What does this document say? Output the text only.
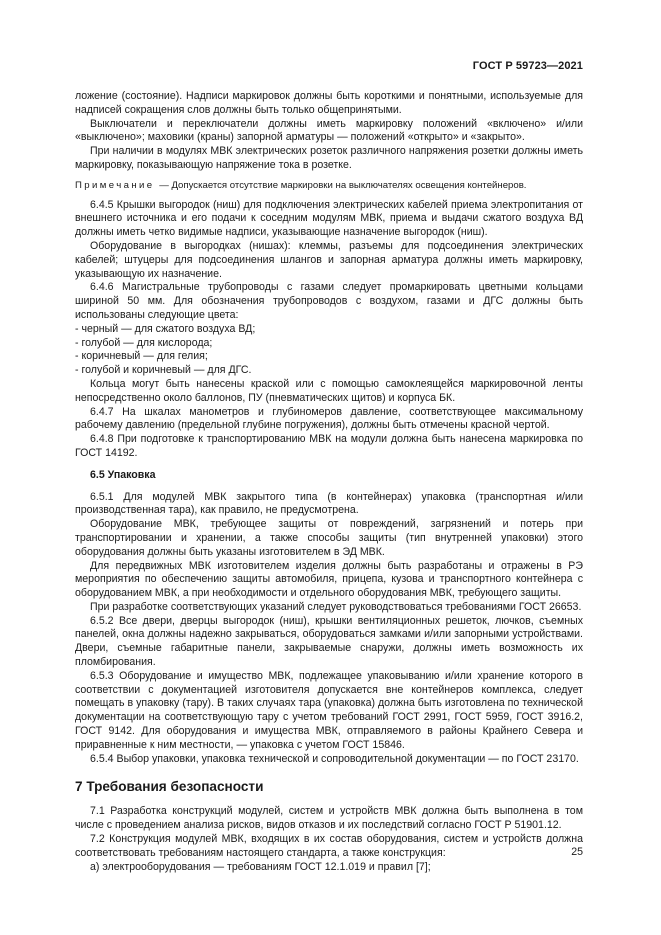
ГОСТ Р 59723—2021

ложение (состояние). Надписи маркировок должны быть короткими и понятными, используемые для надписей сокращения слов должны быть только общепринятыми.

Выключатели и переключатели должны иметь маркировку положений «включено» и/или «выключено»; маховики (краны) запорной арматуры — положений «открыто» и «закрыто».

При наличии в модулях МВК электрических розеток различного напряжения розетки должны иметь маркировку, показывающую напряжение тока в розетке.

Примечание — Допускается отсутствие маркировки на выключателях освещения контейнеров.

6.4.5 Крышки выгородок (ниш) для подключения электрических кабелей приема электропитания от внешнего источника и его подачи к соседним модулям МВК, приема и выдачи сжатого воздуха ВД должны иметь четко видимые надписи, указывающие назначение выгородок (ниш).

Оборудование в выгородках (нишах): клеммы, разъемы для подсоединения электрических кабелей; штуцеры для подсоединения шлангов и запорная арматура должны иметь маркировку, указывающую их назначение.

6.4.6 Магистральные трубопроводы с газами следует промаркировать цветными кольцами шириной 50 мм. Для обозначения трубопроводов с воздухом, газами и ДГС должны быть использованы следующие цвета:

- черный — для сжатого воздуха ВД;

- голубой — для кислорода;

- коричневый — для гелия;

- голубой и коричневый — для ДГС.

Кольца могут быть нанесены краской или с помощью самоклеящейся маркировочной ленты непосредственно около баллонов, ПУ (пневматических щитов) и корпуса БК.

6.4.7 На шкалах манометров и глубиномеров давление, соответствующее максимальному рабочему давлению (предельной глубине погружения), должны быть отмечены красной чертой.

6.4.8 При подготовке к транспортированию МВК на модули должна быть нанесена маркировка по ГОСТ 14192.

6.5 Упаковка

6.5.1 Для модулей МВК закрытого типа (в контейнерах) упаковка (транспортная и/или производственная тара), как правило, не предусмотрена.

Оборудование МВК, требующее защиты от повреждений, загрязнений и потерь при транспортировании и хранении, а также способы защиты (тип внутренней упаковки) этого оборудования должны быть указаны изготовителем в ЭД МВК.

Для передвижных МВК изготовителем изделия должны быть разработаны и отражены в РЭ мероприятия по обеспечению защиты автомобиля, прицепа, кузова и транспортного контейнера с оборудованием МВК, а при необходимости и отдельного оборудования МВК, требующего защиты.

При разработке соответствующих указаний следует руководствоваться требованиями ГОСТ 26653.

6.5.2 Все двери, дверцы выгородок (ниш), крышки вентиляционных решеток, лючков, съемных панелей, окна должны надежно закрываться, оборудоваться замками и/или запорными устройствами. Двери, съемные габаритные панели, закрываемые снаружи, должны иметь возможность их пломбирования.

6.5.3 Оборудование и имущество МВК, подлежащее упаковыванию и/или хранение которого в соответствии с документацией изготовителя допускается вне контейнеров комплекса, следует помещать в упаковку (тару). В таких случаях тара (упаковка) должна быть изготовлена по технической документации на соответствующую тару с учетом требований ГОСТ 2991, ГОСТ 5959, ГОСТ 3916.2, ГОСТ 9142. Для оборудования и имущества МВК, отправляемого в районы Крайнего Севера и приравненные к ним местности, — упаковка с учетом ГОСТ 15846.

6.5.4 Выбор упаковки, упаковка технической и сопроводительной документации — по ГОСТ 23170.

7 Требования безопасности

7.1 Разработка конструкций модулей, систем и устройств МВК должна быть выполнена в том числе с проведением анализа рисков, видов отказов и их последствий согласно ГОСТ Р 51901.12.

7.2 Конструкция модулей МВК, входящих в их состав оборудования, систем и устройств должна соответствовать требованиям настоящего стандарта, а также конструкция:

а) электрооборудования — требованиям ГОСТ 12.1.019 и правил [7];

25
